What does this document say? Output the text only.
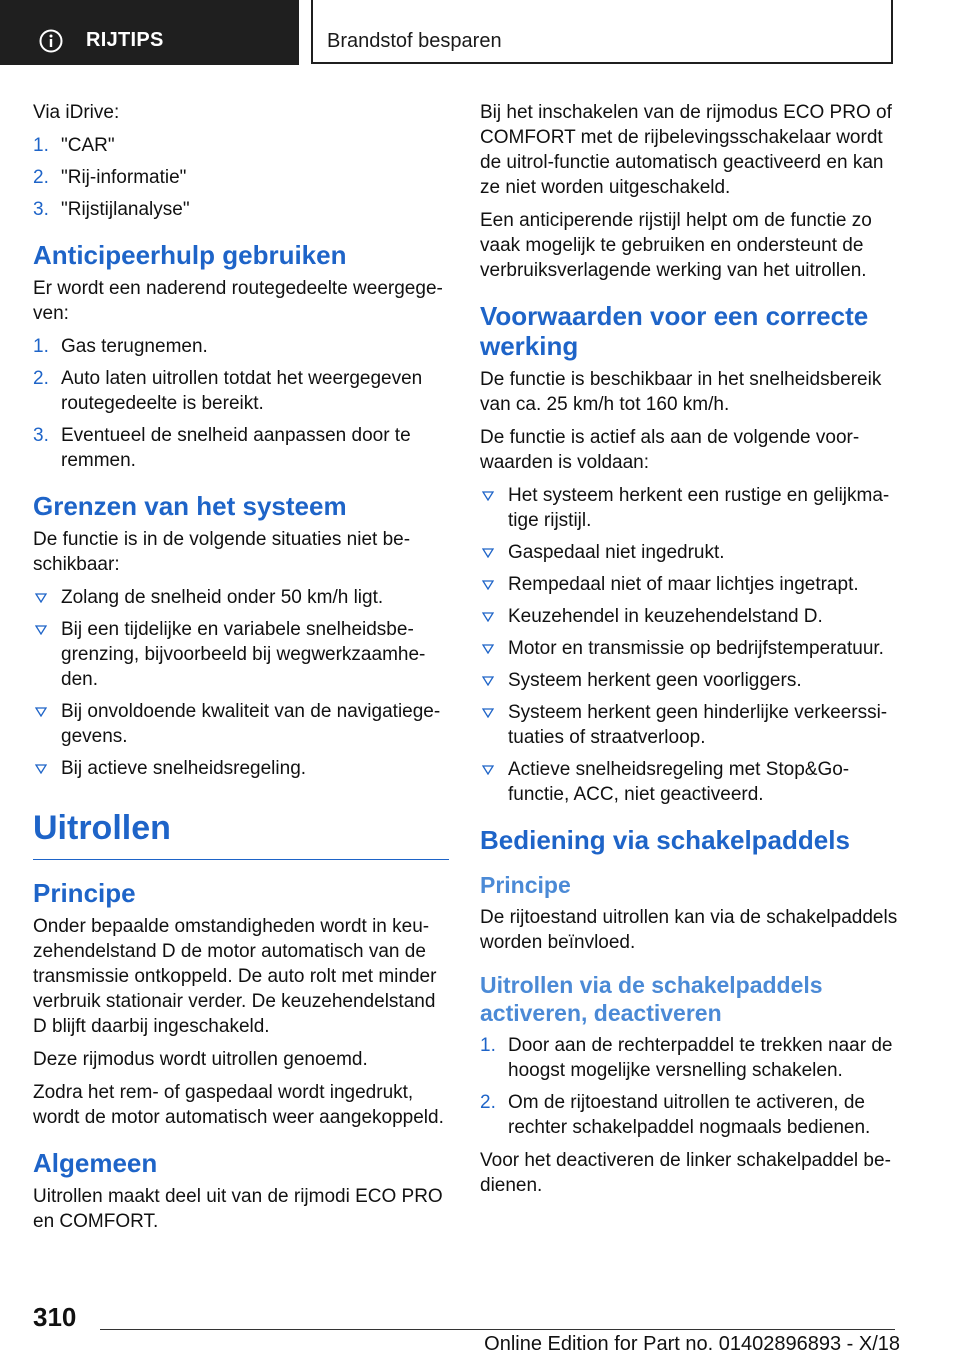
RIJTIPS	Brandstof besparen

Via iDrive:

1. "CAR"
2. "Rij-informatie"
3. "Rijstijlanalyse"
Anticipeerhulp gebruiken

Er wordt een naderend routegedeelte weergegeven:

1. Gas terugnemen.
2. Auto laten uitrollen totdat het weergegeven routegedeelte is bereikt.
3. Eventueel de snelheid aanpassen door te remmen.
Grenzen van het systeem

De functie is in de volgende situaties niet beschikbaar:

Zolang de snelheid onder 50 km/h ligt.
Bij een tijdelijke en variabele snelheidsbegrenzing, bijvoorbeeld bij wegwerkzaamheden.
Bij onvoldoende kwaliteit van de navigatiegegevens.
Bij actieve snelheidsregeling.
Uitrollen
Principe

Onder bepaalde omstandigheden wordt in keuzehendelstand D de motor automatisch van de transmissie ontkoppeld. De auto rolt met minder verbruik stationair verder. De keuzehendelstand D blijft daarbij ingeschakeld.

Deze rijmodus wordt uitrollen genoemd.

Zodra het rem- of gaspedaal wordt ingedrukt, wordt de motor automatisch weer aangekoppeld.

Algemeen

Uitrollen maakt deel uit van de rijmodi ECO PRO en COMFORT.

Bij het inschakelen van de rijmodus ECO PRO of COMFORT met de rijbelevingsschakelaar wordt de uitrol-functie automatisch geactiveerd en kan ze niet worden uitgeschakeld.

Een anticiperende rijstijl helpt om de functie zo vaak mogelijk te gebruiken en ondersteunt de verbruiksverlagende werking van het uitrollen.

Voorwaarden voor een correcte werking

De functie is beschikbaar in het snelheidsbereik van ca. 25 km/h tot 160 km/h.

De functie is actief als aan de volgende voorwaarden is voldaan:

Het systeem herkent een rustige en gelijkmatige rijstijl.
Gaspedaal niet ingedrukt.
Rempedaal niet of maar lichtjes ingetrapt.
Keuzehendel in keuzehendelstand D.
Motor en transmissie op bedrijfstemperatuur.
Systeem herkent geen voorliggers.
Systeem herkent geen hinderlijke verkeerssituaties of straatverloop.
Actieve snelheidsregeling met Stop&Go-functie, ACC, niet geactiveerd.
Bediening via schakelpaddels
Principe

De rijtoestand uitrollen kan via de schakelpaddels worden beïnvloed.

Uitrollen via de schakelpaddels activeren, deactiveren
1. Door aan de rechterpaddel te trekken naar de hoogst mogelijke versnelling schakelen.
2. Om de rijtoestand uitrollen te activeren, de rechter schakelpaddel nogmaals bedienen.

Voor het deactiveren de linker schakelpaddel bedienen.

310
Online Edition for Part no. 01402896893 - X/18
